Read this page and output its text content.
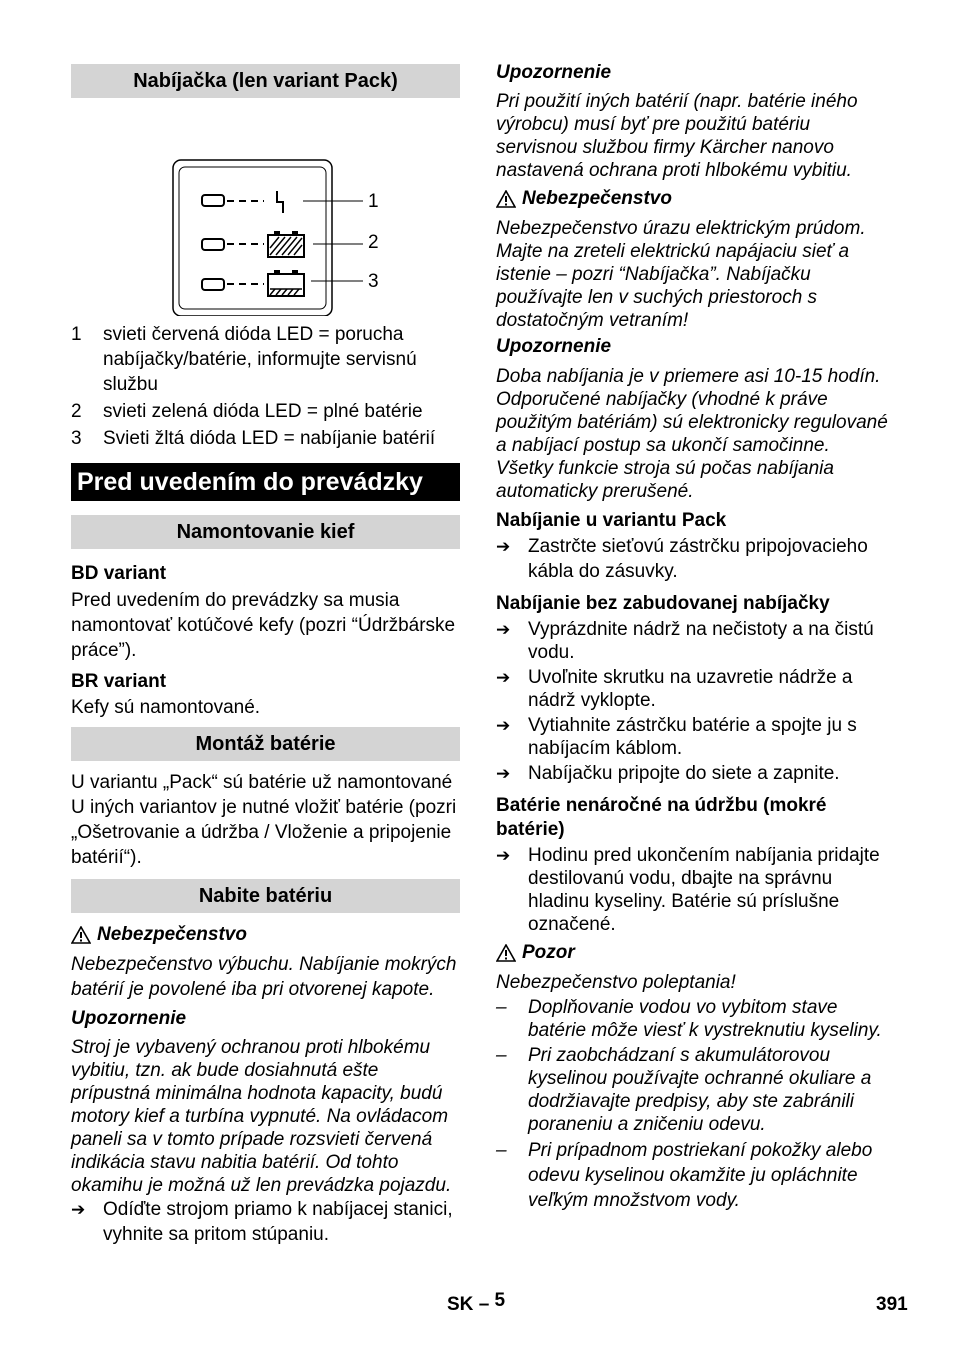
Nabíjačka (len variant Pack)
1
2
3
1	svieti červená dióda LED = porucha nabíjačky/batérie, informujte servisnú službu
2	svieti zelená dióda LED = plné batérie
3	Svieti žltá dióda LED = nabíjanie batérií
Pred uvedením do prevádzky
Namontovanie kief

BD variant

Pred uvedením do prevádzky sa musia namontovať kotúčové kefy (pozri “Údržbárske práce”).

BR variant

Kefy sú namontované.

Montáž batérie

U variantu „Pack“ sú batérie už namontované

U iných variantov je nutné vložiť batérie (pozri „Ošetrovanie a údržba / Vloženie a pripojenie batérií“).

Nabite batériu
Nebezpečenstvo

Nebezpečenstvo výbuchu. Nabíjanie mokrých batérií je povolené iba pri otvorenej kapote.

Upozornenie

Stroj je vybavený ochranou proti hlbokému vybitiu, tzn. ak bude dosiahnutá ešte prípustná minimálna hodnota kapacity, budú motory kief a turbína vypnuté. Na ovládacom paneli sa v tomto prípade rozsvieti červená indikácia stavu nabitia batérií. Od tohto okamihu je možná už len prevádzka pojazdu.

➔ Odíďte strojom priamo k nabíjacej stanici, vyhnite sa pritom stúpaniu.

Upozornenie

Pri použití iných batérií (napr. batérie iného výrobcu) musí byť pre použitú batériu servisnou službou firmy Kärcher nanovo nastavená ochrana proti hlbokému vybitiu.

Nebezpečenstvo

Nebezpečenstvo úrazu elektrickým prúdom. Majte na zreteli elektrickú napájaciu sieť a istenie – pozri “Nabíjačka”. Nabíjačku používajte len v suchých priestoroch s dostatočným vetraním!

Upozornenie

Doba nabíjania je v priemere asi 10-15 hodín.

Odporučené nabíjačky (vhodné k práve použitým batériám) sú elektronicky regulované a nabíjací postup sa ukončí samočinne.

Všetky funkcie stroja sú počas nabíjania automaticky prerušené.

Nabíjanie u variantu Pack

➔ Zastrčte sieťovú zástrčku pripojovacieho kábla do zásuvky.

Nabíjanie bez zabudovanej nabíjačky

➔ Vyprázdnite nádrž na nečistoty a na čistú vodu.
➔ Uvoľnite skrutku na uzavretie nádrže a nádrž vyklopte.
➔ Vytiahnite zástrčku batérie a spojte ju s nabíjacím káblom.
➔ Nabíjačku pripojte do siete a zapnite.

Batérie nenáročné na údržbu (mokré batérie)

➔ Hodinu pred ukončením nabíjania pridajte destilovanú vodu, dbajte na správnu hladinu kyseliny. Batérie sú príslušne označené.
Pozor

Nebezpečenstvo poleptania!

–	Doplňovanie vodou vo vybitom stave batérie môže viesť k vystreknutiu kyseliny.
–	Pri zaobchádzaní s akumulátorovou kyselinou používajte ochranné okuliare a dodržiavajte predpisy, aby ste zabránili poraneniu a zničeniu odevu.
–	Pri prípadnom postriekaní pokožky alebo odevu kyselinou okamžite ju opláchnite veľkým množstvom vody.
SK – 5	391
